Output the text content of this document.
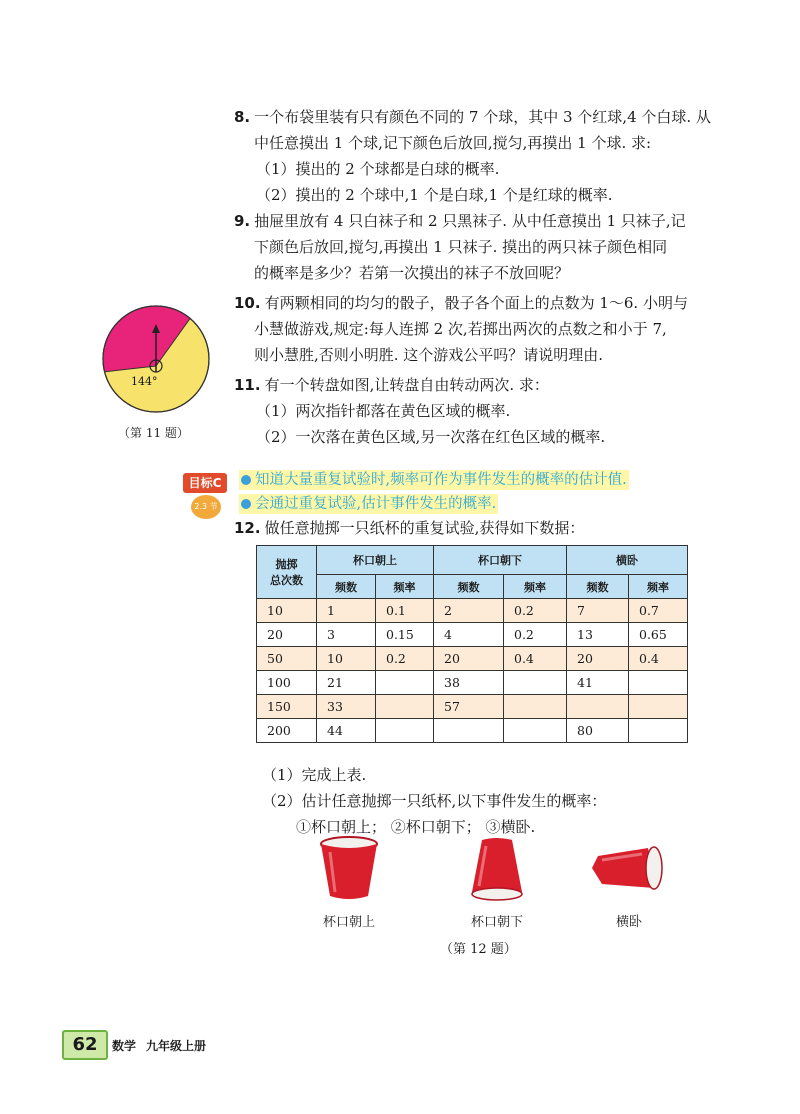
8. 一个布袋里装有只有颜色不同的 7 个球，其中 3 个红球,4 个白球. 从
中任意摸出 1 个球,记下颜色后放回,搅匀,再摸出 1 个球. 求:
（1）摸出的 2 个球都是白球的概率.
（2）摸出的 2 个球中,1 个是白球,1 个是红球的概率.
9. 抽屉里放有 4 只白袜子和 2 只黑袜子. 从中任意摸出 1 只袜子,记
下颜色后放回,搅匀,再摸出 1 只袜子. 摸出的两只袜子颜色相同
的概率是多少？若第一次摸出的袜子不放回呢？
10. 有两颗相同的均匀的骰子，骰子各个面上的点数为 1～6. 小明与
小慧做游戏,规定:每人连掷 2 次,若掷出两次的点数之和小于 7,
则小慧胜,否则小明胜. 这个游戏公平吗？请说明理由.
11. 有一个转盘如图,让转盘自由转动两次. 求：
（1）两次指针都落在黄色区域的概率.
（2）一次落在黄色区域,另一次落在红色区域的概率.
144°
（第 11 题）
目标C
2.3 节
知道大量重复试验时,频率可作为事件发生的概率的估计值.
会通过重复试验,估计事件发生的概率.
12. 做任意抛掷一只纸杯的重复试验,获得如下数据：
抛掷
总次数	杯口朝上		杯口朝下		横卧	
	频数	频率	频数	频率	频数	频率
10	1	0.1	2	0.2	7	0.7
20	3	0.15	4	0.2	13	0.65
50	10	0.2	20	0.4	20	0.4
100	21		38		41	
150	33		57			
200	44				80	
（1）完成上表.
（2）估计任意抛掷一只纸杯,以下事件发生的概率：
①杯口朝上； ②杯口朝下； ③横卧.
杯口朝上	杯口朝下	横卧
（第 12 题）
62	数学 九年级上册
